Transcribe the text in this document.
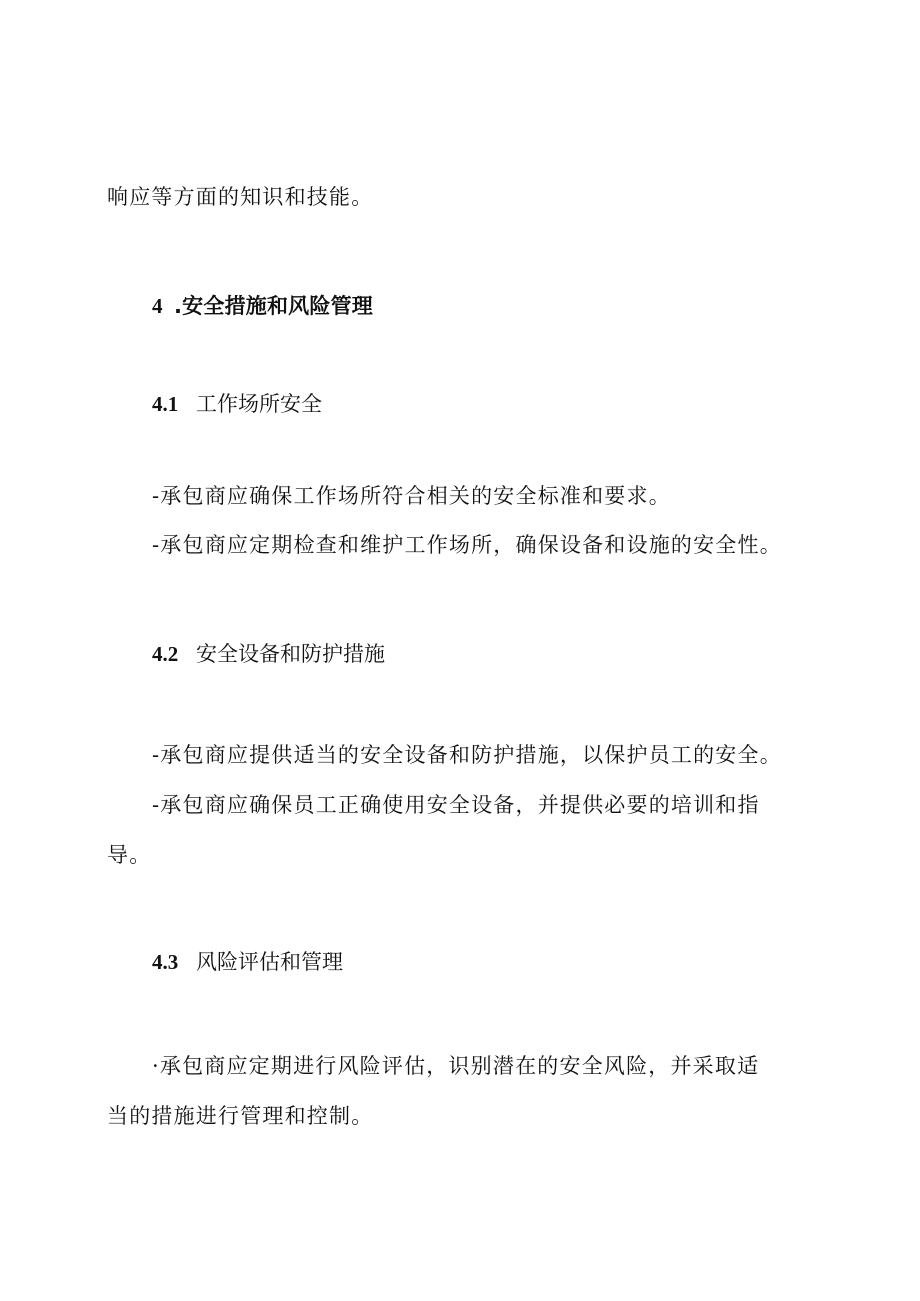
响应等方面的知识和技能。
4 .安全措施和风险管理
4.1 工作场所安全
-承包商应确保工作场所符合相关的安全标准和要求。
-承包商应定期检查和维护工作场所，确保设备和设施的安全性。
4.2 安全设备和防护措施
-承包商应提供适当的安全设备和防护措施，以保护员工的安全。
-承包商应确保员工正确使用安全设备，并提供必要的培训和指
导。
4.3 风险评估和管理
·承包商应定期进行风险评估，识别潜在的安全风险，并采取适
当的措施进行管理和控制。
